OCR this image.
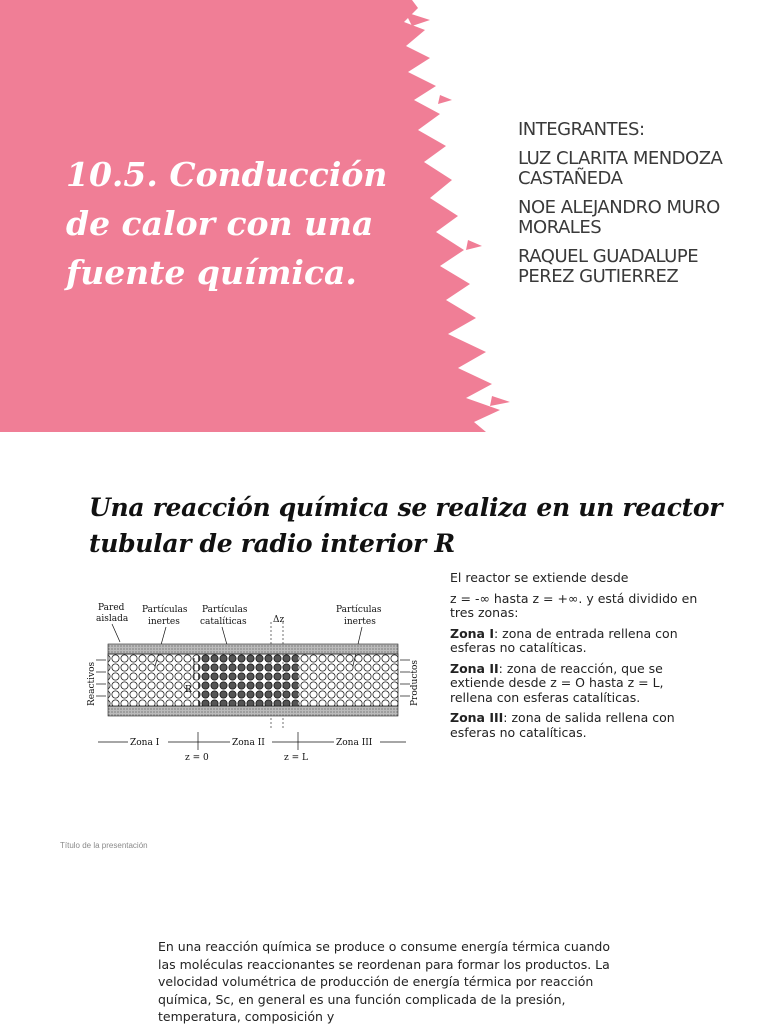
10.5. Conducción de calor con una fuente química.

INTEGRANTES:

LUZ CLARITA MENDOZA CASTAÑEDA

NOE ALEJANDRO MURO MORALES

RAQUEL GUADALUPE PEREZ GUTIERREZ

Una reacción química se realiza en un reactor tubular de radio interior R
Pared
aislada
Partículas
inertes
Partículas
catalíticas	Δz
Partículas
inertes
R
Reactivos	Productos
Zona I	Zona II	Zona III
z = 0	z = L

El reactor se extiende desde

z = -∞ hasta z = +∞. y está dividido en tres zonas:

Zona I: zona de entrada rellena con esferas no catalíticas.

Zona II: zona de reacción, que se extiende desde z = O hasta z = L, rellena con esferas catalíticas.

Zona III: zona de salida rellena con esferas no catalíticas.

Título de la presentación

En una reacción química se produce o consume energía térmica cuando las moléculas reaccionantes se reordenan para formar los productos. La velocidad volumétrica de producción de energía térmica por reacción química, Sc, en general es una función complicada de la presión, temperatura, composición y
